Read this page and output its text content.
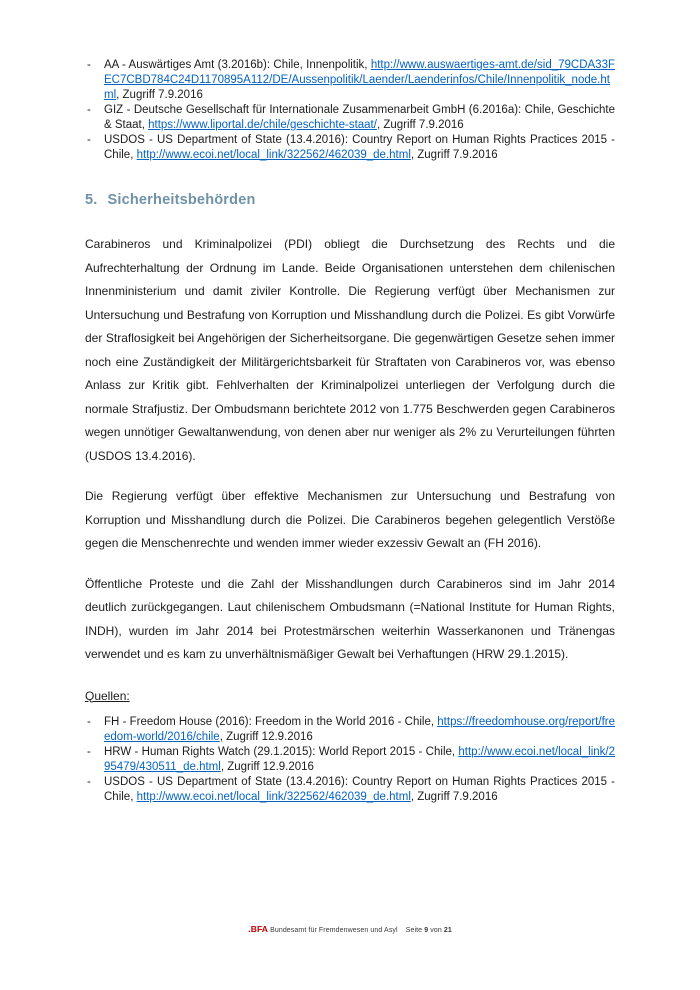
- AA - Auswärtiges Amt (3.2016b): Chile, Innenpolitik, http://www.auswaertiges-amt.de/sid_79CDA33FEC7CBD784C24D1170895A112/DE/Aussenpolitik/Laender/Laenderinfos/Chile/Innenpolitik_node.html, Zugriff 7.9.2016
- GIZ - Deutsche Gesellschaft für Internationale Zusammenarbeit GmbH (6.2016a): Chile, Geschichte & Staat, https://www.liportal.de/chile/geschichte-staat/, Zugriff 7.9.2016
- USDOS - US Department of State (13.4.2016): Country Report on Human Rights Practices 2015 - Chile, http://www.ecoi.net/local_link/322562/462039_de.html, Zugriff 7.9.2016
5. Sicherheitsbehörden

Carabineros und Kriminalpolizei (PDI) obliegt die Durchsetzung des Rechts und die Aufrechterhaltung der Ordnung im Lande. Beide Organisationen unterstehen dem chilenischen Innenministerium und damit ziviler Kontrolle. Die Regierung verfügt über Mechanismen zur Untersuchung und Bestrafung von Korruption und Misshandlung durch die Polizei. Es gibt Vorwürfe der Straflosigkeit bei Angehörigen der Sicherheitsorgane. Die gegenwärtigen Gesetze sehen immer noch eine Zuständigkeit der Militärgerichtsbarkeit für Straftaten von Carabineros vor, was ebenso Anlass zur Kritik gibt. Fehlverhalten der Kriminalpolizei unterliegen der Verfolgung durch die normale Strafjustiz. Der Ombudsmann berichtete 2012 von 1.775 Beschwerden gegen Carabineros wegen unnötiger Gewaltanwendung, von denen aber nur weniger als 2% zu Verurteilungen führten (USDOS 13.4.2016).

Die Regierung verfügt über effektive Mechanismen zur Untersuchung und Bestrafung von Korruption und Misshandlung durch die Polizei. Die Carabineros begehen gelegentlich Verstöße gegen die Menschenrechte und wenden immer wieder exzessiv Gewalt an (FH 2016).

Öffentliche Proteste und die Zahl der Misshandlungen durch Carabineros sind im Jahr 2014 deutlich zurückgegangen. Laut chilenischem Ombudsmann (=National Institute for Human Rights, INDH), wurden im Jahr 2014 bei Protestmärschen weiterhin Wasserkanonen und Tränengas verwendet und es kam zu unverhältnismäßiger Gewalt bei Verhaftungen (HRW 29.1.2015).

Quellen:
- FH - Freedom House (2016): Freedom in the World 2016 - Chile, https://freedomhouse.org/report/freedom-world/2016/chile, Zugriff 12.9.2016
- HRW - Human Rights Watch (29.1.2015): World Report 2015 - Chile, http://www.ecoi.net/local_link/295479/430511_de.html, Zugriff 12.9.2016
- USDOS - US Department of State (13.4.2016): Country Report on Human Rights Practices 2015 - Chile, http://www.ecoi.net/local_link/322562/462039_de.html, Zugriff 7.9.2016
.BFA Bundesamt für Fremdenwesen und Asyl Seite 9 von 21
